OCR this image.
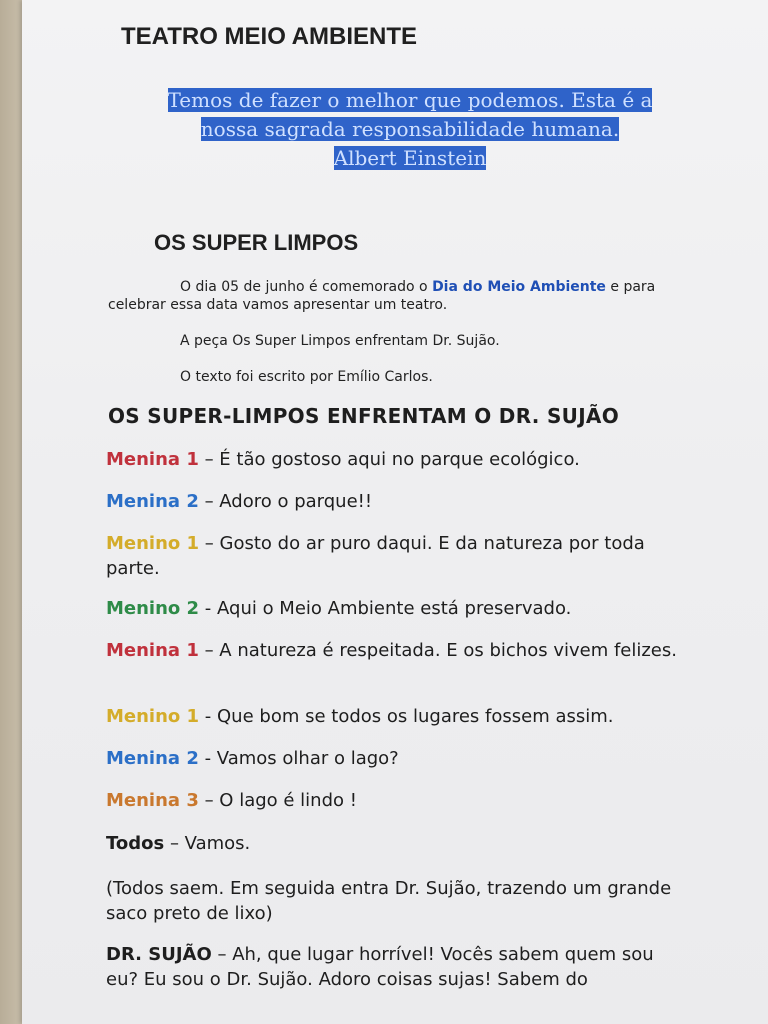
TEATRO MEIO AMBIENTE
Temos de fazer o melhor que podemos. Esta é a
nossa sagrada responsabilidade humana.
Albert Einstein
OS SUPER LIMPOS
O dia 05 de junho é comemorado o Dia do Meio Ambiente e para
celebrar essa data vamos apresentar um teatro.
A peça Os Super Limpos enfrentam Dr. Sujão.
O texto foi escrito por Emílio Carlos.
OS SUPER-LIMPOS ENFRENTAM O DR. SUJÃO
Menina 1 – É tão gostoso aqui no parque ecológico.
Menina 2 – Adoro o parque!!
Menino 1 – Gosto do ar puro daqui. E da natureza por toda parte.
Menino 2 - Aqui o Meio Ambiente está preservado.
Menina 1 – A natureza é respeitada. E os bichos vivem felizes.
Menino 1 - Que bom se todos os lugares fossem assim.
Menina 2 - Vamos olhar o lago?
Menina 3 – O lago é lindo !
Todos – Vamos.
(Todos saem. Em seguida entra Dr. Sujão, trazendo um grande saco preto de lixo)
DR. SUJÃO – Ah, que lugar horrível! Vocês sabem quem sou eu? Eu sou o Dr. Sujão. Adoro coisas sujas! Sabem do
